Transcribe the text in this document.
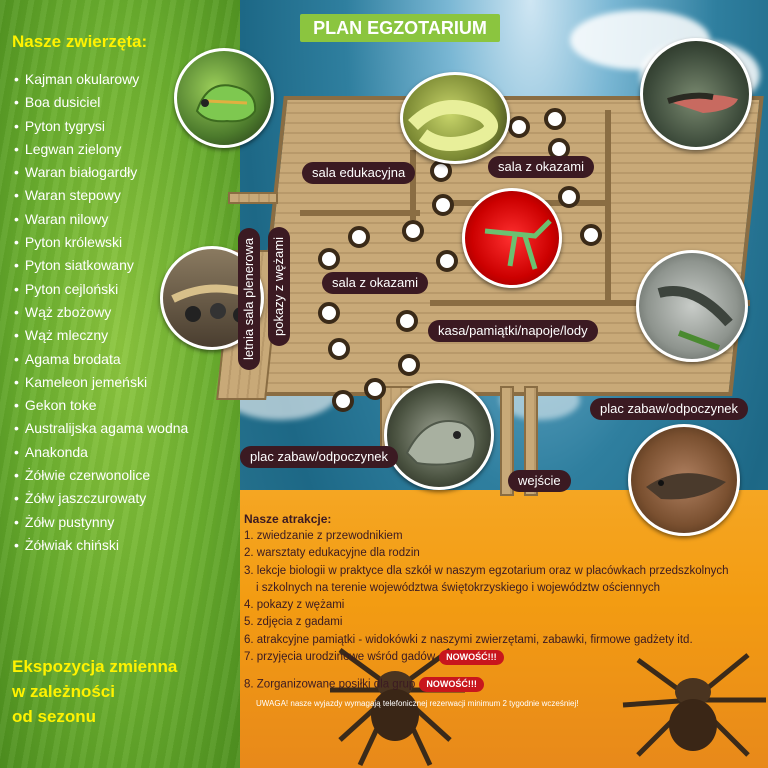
Nasze zwierzęta:
• Kajman okularowy
• Boa dusiciel
• Pyton tygrysi
• Legwan zielony
• Waran białogardły
• Waran stepowy
• Waran nilowy
• Pyton królewski
• Pyton siatkowany
• Pyton cejloński
• Wąż zbożowy
• Wąż mleczny
• Agama brodata
• Kameleon jemeński
• Gekon toke
• Australijska agama wodna
• Anakonda
• Żółwie czerwonolice
• Żółw jaszczurowaty
• Żółw pustynny
• Żółwiak chiński

Ekspozycja zmienna
w zależności
od sezonu

PLAN EGZOTARIUM
sala edukacyjna	sala z okazami
sala z okazami
kasa/pamiątki/napoje/lody
plac zabaw/odpoczynek
plac zabaw/odpoczynek
wejście
letnia sala plenerowa	pokazy z wężami
Nasze atrakcje:
1. zwiedzanie z przewodnikiem
2. warsztaty edukacyjne dla rodzin
3. lekcje biologii w praktyce dla szkół w naszym egzotarium oraz w placówkach przedszkolnych
i szkolnych na terenie województwa świętokrzyskiego i województw ościennych
4. pokazy z wężami
5. zdjęcia z gadami
6. atrakcyjne pamiątki - widokówki z naszymi zwierzętami, zabawki, firmowe gadżety itd.
7. przyjęcia urodzinowe wśród gadów NOWOŚĆ!!!
8. Zorganizowane posiłki dla grup NOWOŚĆ!!!

UWAGA! nasze wyjazdy wymagają telefonicznej rezerwacji minimum 2 tygodnie wcześniej!
